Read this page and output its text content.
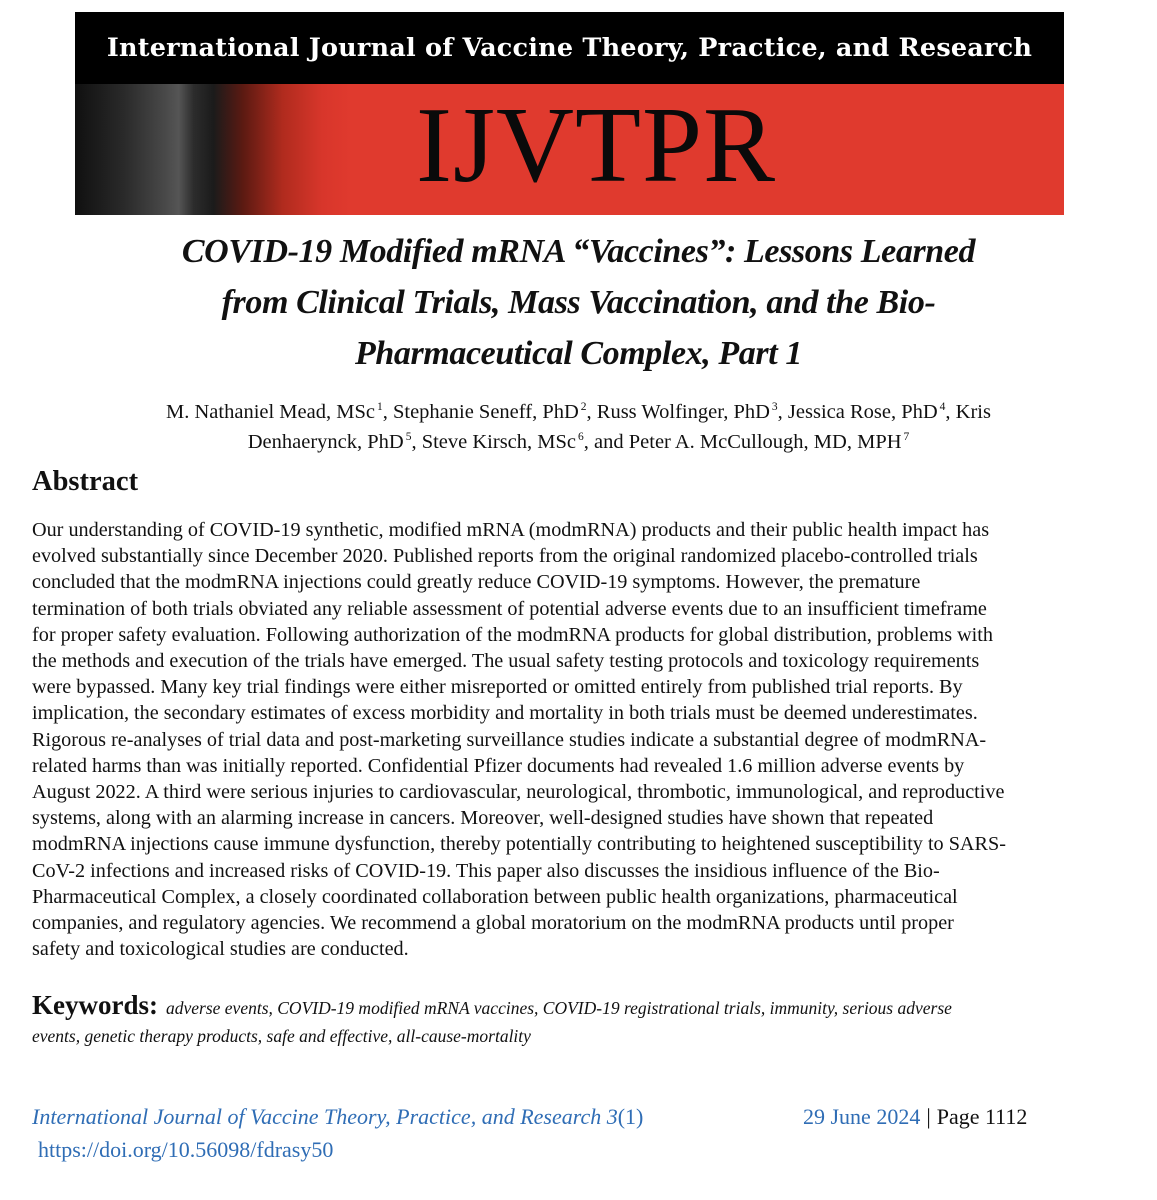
International Journal of Vaccine Theory, Practice, and Research
IJVTPR
COVID-19 Modified mRNA “Vaccines”: Lessons Learned
from Clinical Trials, Mass Vaccination, and the Bio-
Pharmaceutical Complex, Part 1
M. Nathaniel Mead, MSc $^1$, Stephanie Seneff, PhD $^2$, Russ Wolfinger, PhD $^3$, Jessica Rose, PhD $^4$, Kris
Denhaerynck, PhD $^5$, Steve Kirsch, MSc $^6$, and Peter A. McCullough, MD, MPH $^7$
Abstract
Our understanding of COVID-19 synthetic, modified mRNA (modmRNA) products and their public health impact has
evolved substantially since December 2020. Published reports from the original randomized placebo-controlled trials
concluded that the modmRNA injections could greatly reduce COVID-19 symptoms. However, the premature
termination of both trials obviated any reliable assessment of potential adverse events due to an insufficient timeframe
for proper safety evaluation. Following authorization of the modmRNA products for global distribution, problems with
the methods and execution of the trials have emerged. The usual safety testing protocols and toxicology requirements
were bypassed. Many key trial findings were either misreported or omitted entirely from published trial reports. By
implication, the secondary estimates of excess morbidity and mortality in both trials must be deemed underestimates.
Rigorous re-analyses of trial data and post-marketing surveillance studies indicate a substantial degree of modmRNA-
related harms than was initially reported. Confidential Pfizer documents had revealed 1.6 million adverse events by
August 2022. A third were serious injuries to cardiovascular, neurological, thrombotic, immunological, and reproductive
systems, along with an alarming increase in cancers. Moreover, well-designed studies have shown that repeated
modmRNA injections cause immune dysfunction, thereby potentially contributing to heightened susceptibility to SARS-
CoV-2 infections and increased risks of COVID-19. This paper also discusses the insidious influence of the Bio-
Pharmaceutical Complex, a closely coordinated collaboration between public health organizations, pharmaceutical
companies, and regulatory agencies. We recommend a global moratorium on the modmRNA products until proper
safety and toxicological studies are conducted.
Keywords: adverse events, COVID-19 modified mRNA vaccines, COVID-19 registrational trials, immunity, serious adverse
events, genetic therapy products, safe and effective, all-cause-mortality
International Journal of Vaccine Theory, Practice, and Research 3(1)
https://doi.org/10.56098/fdrasy50
29 June 2024 | Page 1112
